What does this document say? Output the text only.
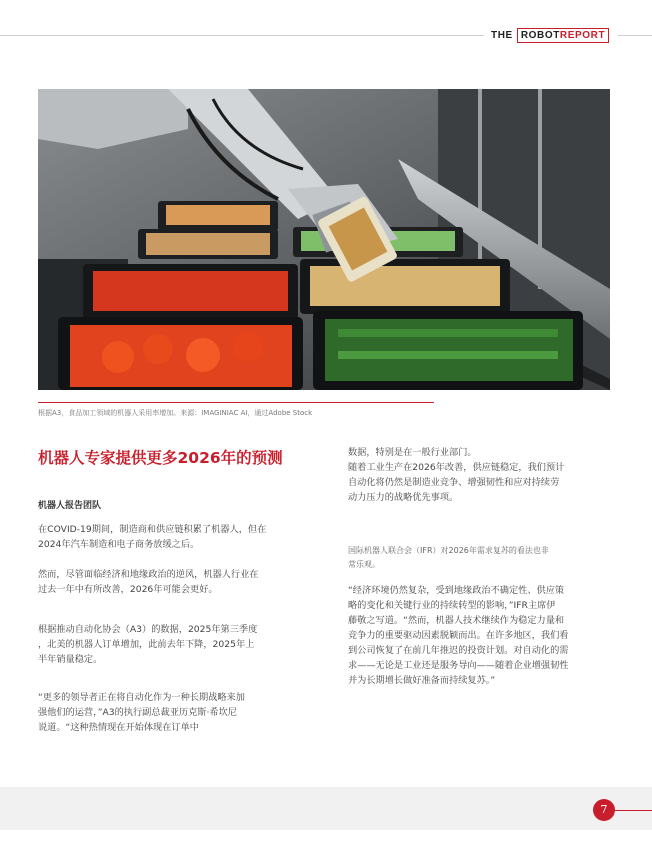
THE ROBOTREPORT
根据A3，食品加工领域的机器人采用率增加。来源：IMAGINIAC AI，通过Adobe Stock
机器人专家提供更多2026年的预测
机器人报告团队
在COVID-19期间，制造商和供应链积累了机器人，但在
2024年汽车制造和电子商务放缓之后。
然而，尽管面临经济和地缘政治的逆风，机器人行业在
过去一年中有所改善，2026年可能会更好。
根据推动自动化协会（A3）的数据，2025年第三季度
，北美的机器人订单增加，此前去年下降，2025年上
半年销量稳定。
“更多的领导者正在将自动化作为一种长期战略来加
强他们的运营，”A3的执行副总裁亚历克斯·希坎尼
说道。“这种热情现在开始体现在订单中
数据，特别是在一般行业部门。
随着工业生产在2026年改善，供应链稳定，我们预计
自动化将仍然是制造业竞争、增强韧性和应对持续劳
动力压力的战略优先事项。
国际机器人联合会（IFR）对2026年需求复苏的看法也非
常乐观。
“经济环境仍然复杂，受到地缘政治不确定性、供应策
略的变化和关键行业的持续转型的影响，”IFR主席伊
藤敬之写道。“然而，机器人技术继续作为稳定力量和
竞争力的重要驱动因素脱颖而出。在许多地区，我们看
到公司恢复了在前几年推迟的投资计划。对自动化的需
求——无论是工业还是服务导向——随着企业增强韧性
并为长期增长做好准备而持续复苏。”
7
